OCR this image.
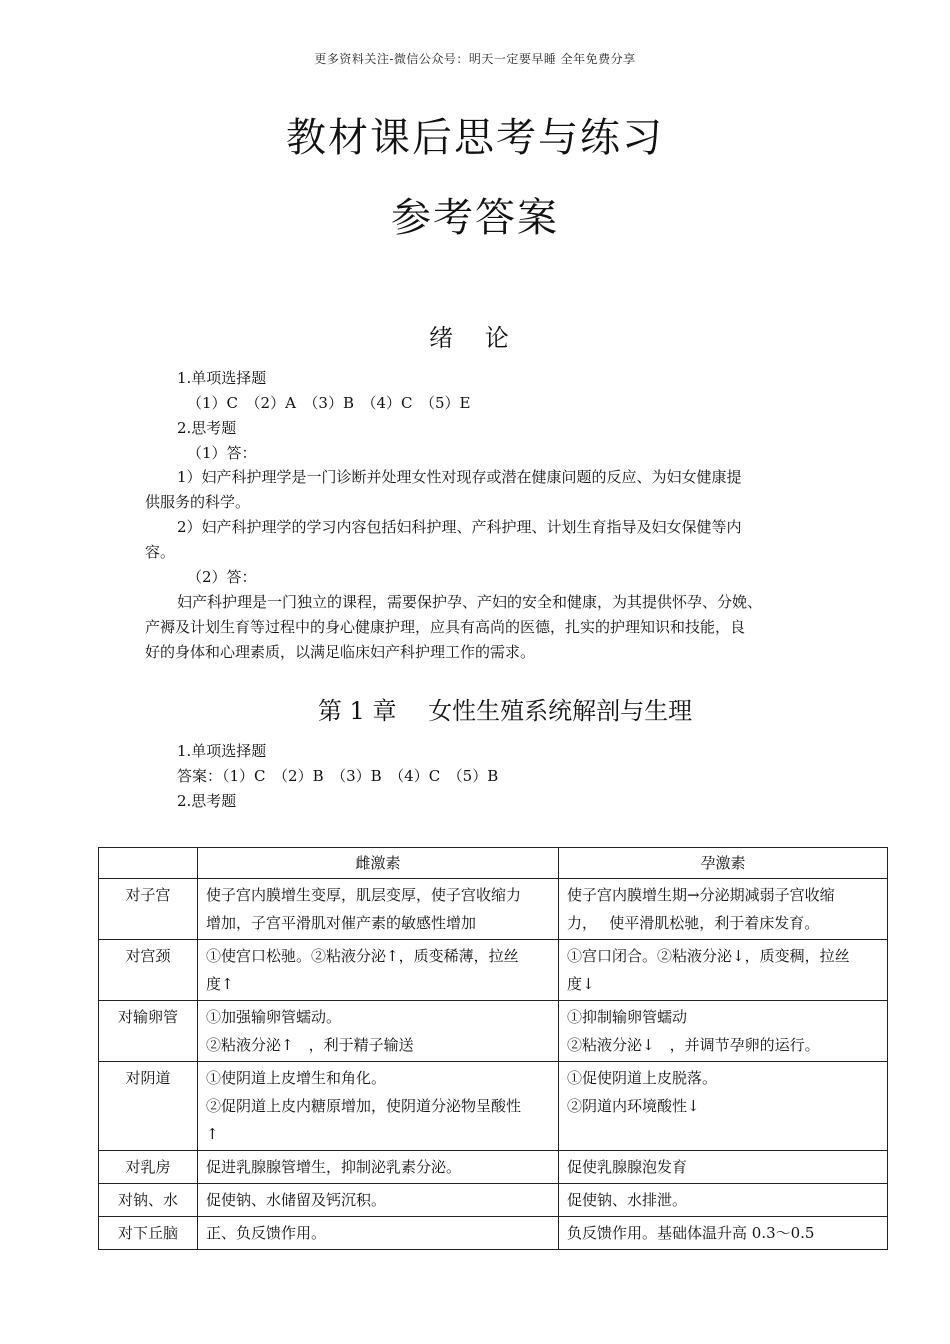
更多资料关注-微信公众号：明天一定要早睡 全年免费分享
教材课后思考与练习
参考答案
绪 论
1.单项选择题
（1）C　（2）A　（3）B　（4）C　（5）E
2.思考题
（1）答：
1）妇产科护理学是一门诊断并处理女性对现存或潜在健康问题的反应、为妇女健康提
供服务的科学。
2）妇产科护理学的学习内容包括妇科护理、产科护理、计划生育指导及妇女保健等内
容。
（2）答：
妇产科护理是一门独立的课程，需要保护孕、产妇的安全和健康，为其提供怀孕、分娩、
产褥及计划生育等过程中的身心健康护理，应具有高尚的医德，扎实的护理知识和技能，良
好的身体和心理素质，以满足临床妇产科护理工作的需求。
第 1 章　 女性生殖系统解剖与生理
1.单项选择题
答案：（1）C　（2）B　（3）B　（4）C　（5）B
2.思考题
	雌激素	孕激素
对子宫	使子宫内膜增生变厚，肌层变厚，使子宫收缩力
增加，子宫平滑肌对催产素的敏感性增加	使子宫内膜增生期→分泌期减弱子宫收缩
力，　 使平滑肌松驰，利于着床发育。

对宫颈	①使宫口松驰。②粘液分泌↑，质变稀薄，拉丝
度↑	①宫口闭合。②粘液分泌↓，质变稠，拉丝
度↓

对输卵管	①加强输卵管蠕动。
②粘液分泌↑　，利于精子输送	①抑制输卵管蠕动
②粘液分泌↓　，并调节孕卵的运行。

对阴道	①使阴道上皮增生和角化。
②促阴道上皮内糖原增加，使阴道分泌物呈酸性
↑	①促使阴道上皮脱落。
②阴道内环境酸性↓

对乳房	促进乳腺腺管增生，抑制泌乳素分泌。	促使乳腺腺泡发育

对钠、水	促使钠、水储留及钙沉积。	促使钠、水排泄。

对下丘脑	正、负反馈作用。	负反馈作用。基础体温升高 0.3～0.5
